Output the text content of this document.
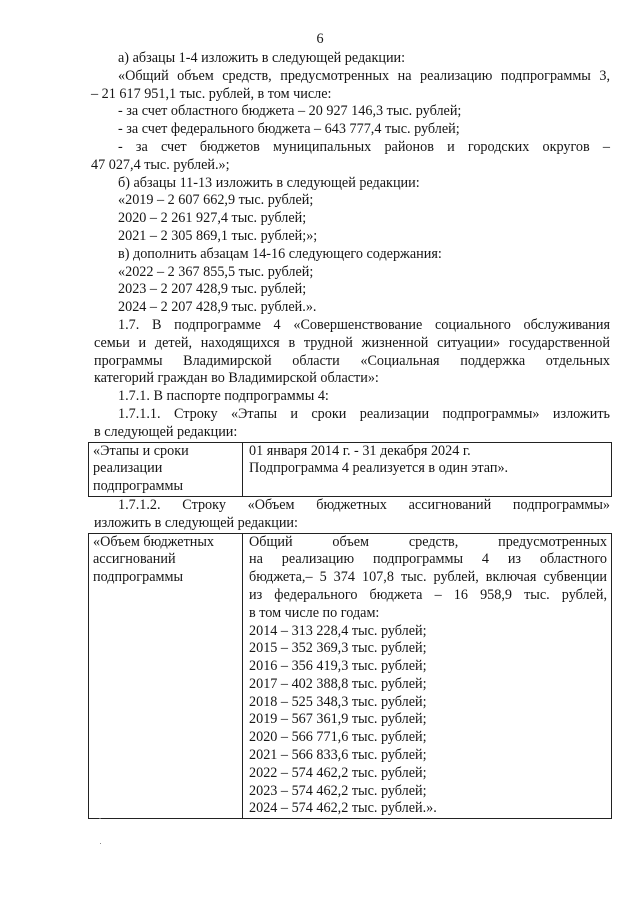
6
а) абзацы 1-4 изложить в следующей редакции:
«Общий объем средств, предусмотренных на реализацию подпрограммы 3,
– 21 617 951,1 тыс. рублей, в том числе:
- за счет областного бюджета – 20 927 146,3 тыс. рублей;
- за счет федерального бюджета – 643 777,4 тыс. рублей;
- за счет бюджетов муниципальных районов и городских округов –
47 027,4 тыс. рублей.»;
б) абзацы 11-13 изложить в следующей редакции:
«2019 – 2 607 662,9 тыс. рублей;
2020 – 2 261 927,4 тыс. рублей;
2021 – 2 305 869,1 тыс. рублей;»;
в) дополнить абзацам 14-16 следующего содержания:
«2022 – 2 367 855,5 тыс. рублей;
2023 – 2 207 428,9 тыс. рублей;
2024 – 2 207 428,9 тыс. рублей.».
1.7. В подпрограмме 4 «Совершенствование социального обслуживания
семьи и детей, находящихся в трудной жизненной ситуации» государственной
программы Владимирской области «Социальная поддержка отдельных
категорий граждан во Владимирской области»:
1.7.1. В паспорте подпрограммы 4:
1.7.1.1. Строку «Этапы и сроки реализации подпрограммы» изложить
в следующей редакции:
«Этапы и сроки
реализации
подпрограммы

01 января 2014 г. - 31 декабря 2024 г.
Подпрограмма 4 реализуется в один этап».
1.7.1.2. Строку «Объем бюджетных ассигнований подпрограммы»
изложить в следующей редакции:
«Объем бюджетных
ассигнований
подпрограммы

Общий объем средств, предусмотренных
на реализацию подпрограммы 4 из областного
бюджета,– 5 374 107,8 тыс. рублей, включая субвенции
из федерального бюджета – 16 958,9 тыс. рублей,
в том числе по годам:
2014 – 313 228,4 тыс. рублей;
2015 – 352 369,3 тыс. рублей;
2016 – 356 419,3 тыс. рублей;
2017 – 402 388,8 тыс. рублей;
2018 – 525 348,3 тыс. рублей;
2019 – 567 361,9 тыс. рублей;
2020 – 566 771,6 тыс. рублей;
2021 – 566 833,6 тыс. рублей;
2022 – 574 462,2 тыс. рублей;
2023 – 574 462,2 тыс. рублей;
2024 – 574 462,2 тыс. рублей.».
